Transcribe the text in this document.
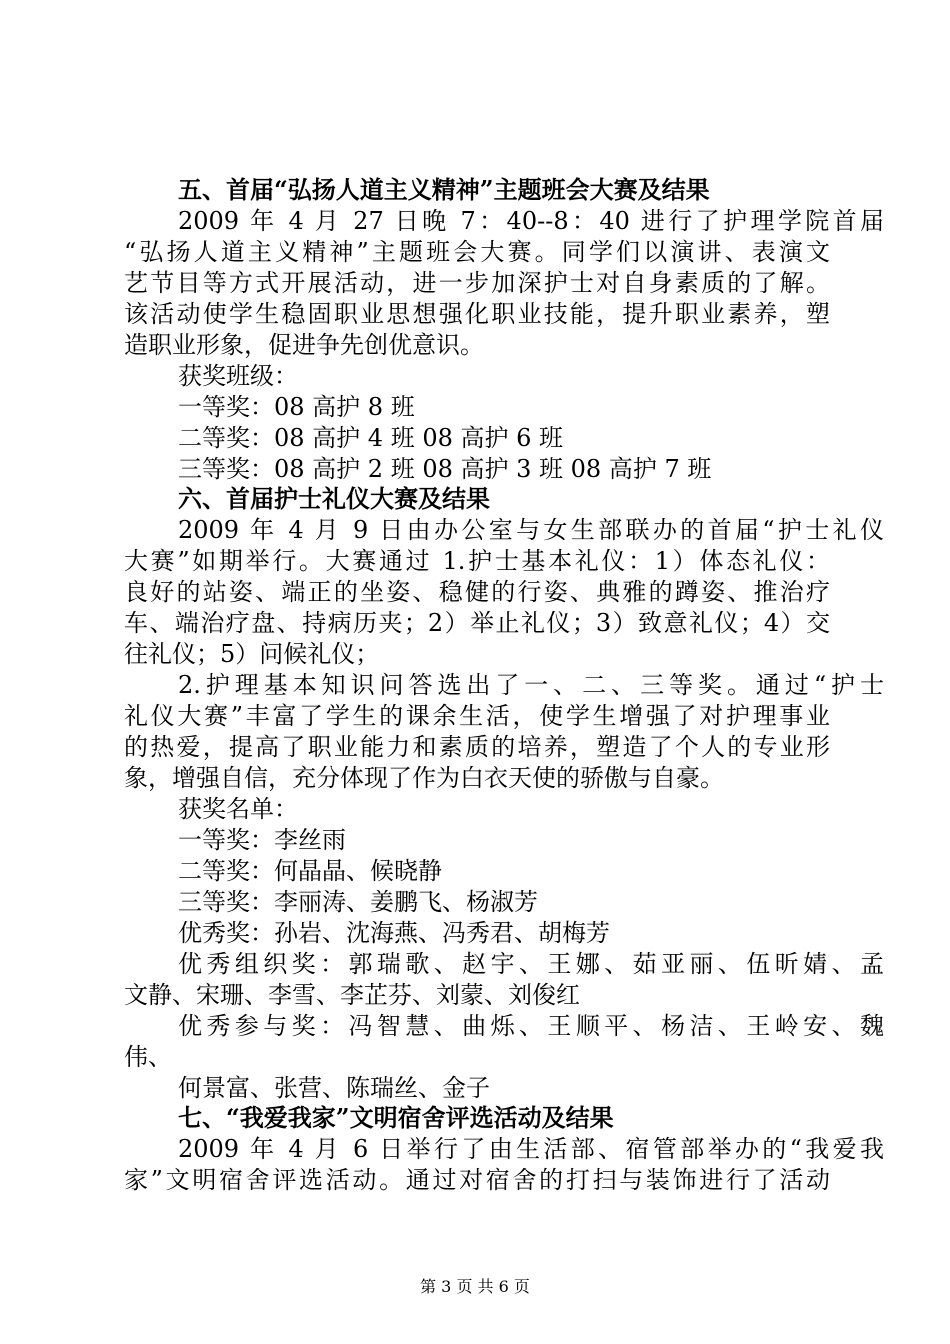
五、首届“弘扬人道主义精神”主题班会大赛及结果
2009 年 4 月 27 日晚 7：40--8：40 进行了护理学院首届
“弘扬人道主义精神”主题班会大赛。同学们以演讲、表演文
艺节目等方式开展活动，进一步加深护士对自身素质的了解。
该活动使学生稳固职业思想强化职业技能，提升职业素养，塑
造职业形象，促进争先创优意识。
获奖班级：
一等奖：08 高护 8 班
二等奖：08 高护 4 班 08 高护 6 班
三等奖：08 高护 2 班 08 高护 3 班 08 高护 7 班
六、首届护士礼仪大赛及结果
2009 年 4 月 9 日由办公室与女生部联办的首届“护士礼仪
大赛”如期举行。大赛通过 1.护士基本礼仪：1）体态礼仪：
良好的站姿、端正的坐姿、稳健的行姿、典雅的蹲姿、推治疗
车、端治疗盘、持病历夹；2）举止礼仪；3）致意礼仪；4）交
往礼仪；5）问候礼仪；
2.护理基本知识问答选出了一、二、三等奖。通过“护士
礼仪大赛”丰富了学生的课余生活，使学生增强了对护理事业
的热爱，提高了职业能力和素质的培养，塑造了个人的专业形
象，增强自信，充分体现了作为白衣天使的骄傲与自豪。
获奖名单：
一等奖：李丝雨
二等奖：何晶晶、候晓静
三等奖：李丽涛、姜鹏飞、杨淑芳
优秀奖：孙岩、沈海燕、冯秀君、胡梅芳
优秀组织奖：郭瑞歌、赵宇、王娜、茹亚丽、伍昕婧、孟
文静、宋珊、李雪、李芷芬、刘蒙、刘俊红
优秀参与奖：冯智慧、曲烁、王顺平、杨洁、王岭安、魏
伟、
何景富、张营、陈瑞丝、金子
七、“我爱我家”文明宿舍评选活动及结果
2009 年 4 月 6 日举行了由生活部、宿管部举办的“我爱我
家”文明宿舍评选活动。通过对宿舍的打扫与装饰进行了活动
第 3 页 共 6 页
